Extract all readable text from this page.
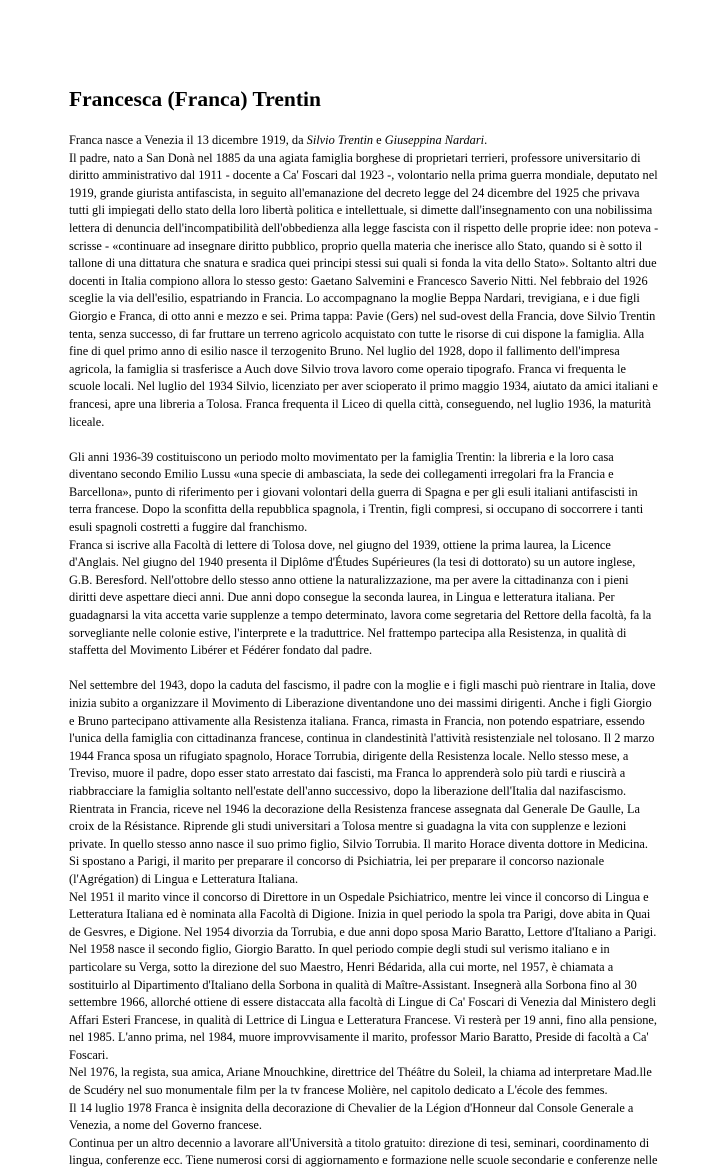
Francesca (Franca) Trentin

Franca nasce a Venezia il 13 dicembre 1919, da Silvio Trentin e Giuseppina Nardari.

Il padre, nato a San Donà nel 1885 da una agiata famiglia borghese di proprietari terrieri, professore universitario di diritto amministrativo dal 1911 - docente a Ca' Foscari dal 1923 -, volontario nella prima guerra mondiale, deputato nel 1919, grande giurista antifascista, in seguito all'emanazione del decreto legge del 24 dicembre del 1925 che privava tutti gli impiegati dello stato della loro libertà politica e intellettuale, si dimette dall'insegnamento con una nobilissima lettera di denuncia dell'incompatibilità dell'obbedienza alla legge fascista con il rispetto delle proprie idee: non poteva - scrisse - «continuare ad insegnare diritto pubblico, proprio quella materia che inerisce allo Stato, quando si è sotto il tallone di una dittatura che snatura e sradica quei principi stessi sui quali si fonda la vita dello Stato». Soltanto altri due docenti in Italia compiono allora lo stesso gesto: Gaetano Salvemini e Francesco Saverio Nitti. Nel febbraio del 1926 sceglie la via dell'esilio, espatriando in Francia. Lo accompagnano la moglie Beppa Nardari, trevigiana, e i due figli Giorgio e Franca, di otto anni e mezzo e sei. Prima tappa: Pavie (Gers) nel sud-ovest della Francia, dove Silvio Trentin tenta, senza successo, di far fruttare un terreno agricolo acquistato con tutte le risorse di cui dispone la famiglia. Alla fine di quel primo anno di esilio nasce il terzogenito Bruno. Nel luglio del 1928, dopo il fallimento dell'impresa agricola, la famiglia si trasferisce a Auch dove Silvio trova lavoro come operaio tipografo. Franca vi frequenta le scuole locali. Nel luglio del 1934 Silvio, licenziato per aver scioperato il primo maggio 1934, aiutato da amici italiani e francesi, apre una libreria a Tolosa. Franca frequenta il Liceo di quella città, conseguendo, nel luglio 1936, la maturità liceale.

Gli anni 1936-39 costituiscono un periodo molto movimentato per la famiglia Trentin: la libreria e la loro casa diventano secondo Emilio Lussu «una specie di ambasciata, la sede dei collegamenti irregolari fra la Francia e Barcellona», punto di riferimento per i giovani volontari della guerra di Spagna e per gli esuli italiani antifascisti in terra francese. Dopo la sconfitta della repubblica spagnola, i Trentin, figli compresi, si occupano di soccorrere i tanti esuli spagnoli costretti a fuggire dal franchismo.

Franca si iscrive alla Facoltà di lettere di Tolosa dove, nel giugno del 1939, ottiene la prima laurea, la Licence d'Anglais. Nel giugno del 1940 presenta il Diplôme d'Études Supérieures (la tesi di dottorato) su un autore inglese, G.B. Beresford. Nell'ottobre dello stesso anno ottiene la naturalizzazione, ma per avere la cittadinanza con i pieni diritti deve aspettare dieci anni. Due anni dopo consegue la seconda laurea, in Lingua e letteratura italiana. Per guadagnarsi la vita accetta varie supplenze a tempo determinato, lavora come segretaria del Rettore della facoltà, fa la sorvegliante nelle colonie estive, l'interprete e la traduttrice. Nel frattempo partecipa alla Resistenza, in qualità di staffetta del Movimento Libérer et Fédérer fondato dal padre.

Nel settembre del 1943, dopo la caduta del fascismo, il padre con la moglie e i figli maschi può rientrare in Italia, dove inizia subito a organizzare il Movimento di Liberazione diventandone uno dei massimi dirigenti. Anche i figli Giorgio e Bruno partecipano attivamente alla Resistenza italiana. Franca, rimasta in Francia, non potendo espatriare, essendo l'unica della famiglia con cittadinanza francese, continua in clandestinità l'attività resistenziale nel tolosano. Il 2 marzo 1944 Franca sposa un rifugiato spagnolo, Horace Torrubia, dirigente della Resistenza locale. Nello stesso mese, a Treviso, muore il padre, dopo esser stato arrestato dai fascisti, ma Franca lo apprenderà solo più tardi e riuscirà a riabbracciare la famiglia soltanto nell'estate dell'anno successivo, dopo la liberazione dell'Italia dal nazifascismo.

Rientrata in Francia, riceve nel 1946 la decorazione della Resistenza francese assegnata dal Generale De Gaulle, La croix de la Résistance. Riprende gli studi universitari a Tolosa mentre si guadagna la vita con supplenze e lezioni private. In quello stesso anno nasce il suo primo figlio, Silvio Torrubia. Il marito Horace diventa dottore in Medicina. Si spostano a Parigi, il marito per preparare il concorso di Psichiatria, lei per preparare il concorso nazionale (l'Agrégation) di Lingua e Letteratura Italiana.

Nel 1951 il marito vince il concorso di Direttore in un Ospedale Psichiatrico, mentre lei vince il concorso di Lingua e Letteratura Italiana ed è nominata alla Facoltà di Digione. Inizia in quel periodo la spola tra Parigi, dove abita in Quai de Gesvres, e Digione. Nel 1954 divorzia da Torrubia, e due anni dopo sposa Mario Baratto, Lettore d'Italiano a Parigi.

Nel 1958 nasce il secondo figlio, Giorgio Baratto. In quel periodo compie degli studi sul verismo italiano e in particolare su Verga, sotto la direzione del suo Maestro, Henri Bédarida, alla cui morte, nel 1957, è chiamata a sostituirlo al Dipartimento d'Italiano della Sorbona in qualità di Maître-Assistant. Insegnerà alla Sorbona fino al 30 settembre 1966, allorché ottiene di essere distaccata alla facoltà di Lingue di Ca' Foscari di Venezia dal Ministero degli Affari Esteri Francese, in qualità di Lettrice di Lingua e Letteratura Francese. Vi resterà per 19 anni, fino alla pensione, nel 1985. L'anno prima, nel 1984, muore improvvisamente il marito, professor Mario Baratto, Preside di facoltà a Ca' Foscari.

Nel 1976, la regista, sua amica, Ariane Mnouchkine, direttrice del Théâtre du Soleil, la chiama ad interpretare Mad.lle de Scudéry nel suo monumentale film per la tv francese Molière, nel capitolo dedicato a L'école des femmes.

Il 14 luglio 1978 Franca è insignita della decorazione di Chevalier de la Légion d'Honneur dal Console Generale a Venezia, a nome del Governo francese.

Continua per un altro decennio a lavorare all'Università a titolo gratuito: direzione di tesi, seminari, coordinamento di lingua, conferenze ecc. Tiene numerosi corsi di aggiornamento e formazione nelle scuole secondarie e conferenze nelle
